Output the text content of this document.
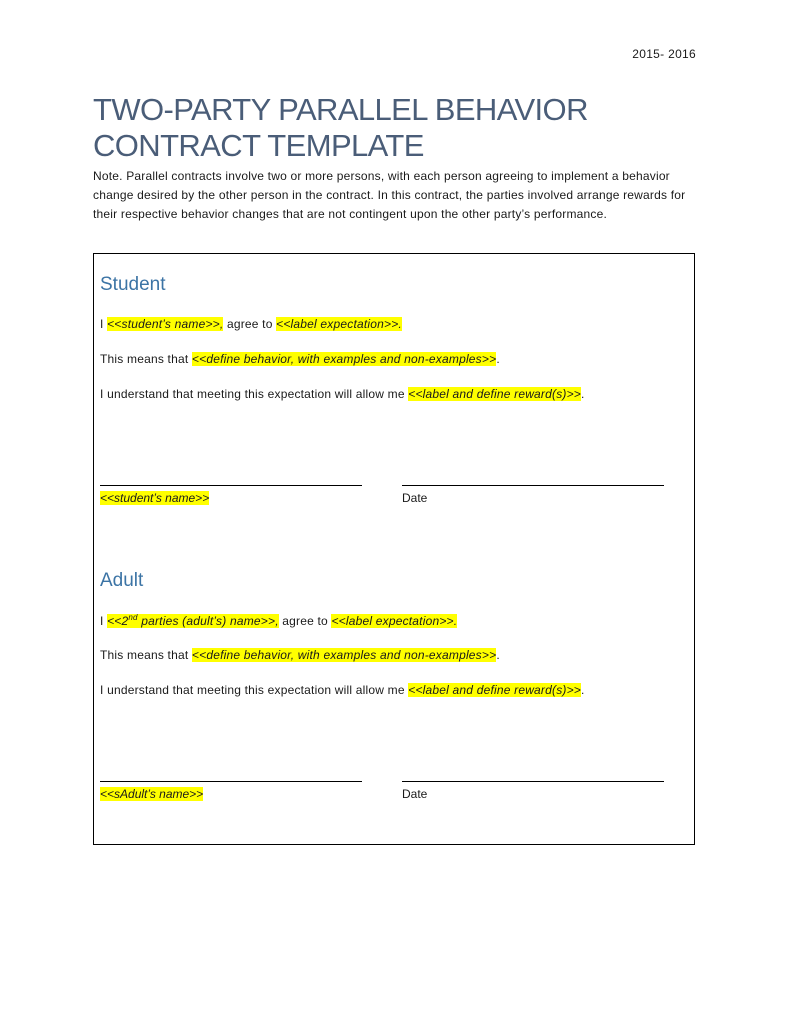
2015- 2016
TWO-PARTY PARALLEL BEHAVIOR CONTRACT TEMPLATE

Note. Parallel contracts involve two or more persons, with each person agreeing to implement a behavior change desired by the other person in the contract. In this contract, the parties involved arrange rewards for their respective behavior changes that are not contingent upon the other party’s performance.

Student

I <<student’s name>>, agree to <<label expectation>>.

This means that <<define behavior, with examples and non-examples>>.

I understand that meeting this expectation will allow me <<label and define reward(s)>>.

<<student’s name>>	Date
Adult

I <<2nd parties (adult’s) name>>, agree to <<label expectation>>.

This means that <<define behavior, with examples and non-examples>>.

I understand that meeting this expectation will allow me <<label and define reward(s)>>.

<<sAdult’s name>>	Date
